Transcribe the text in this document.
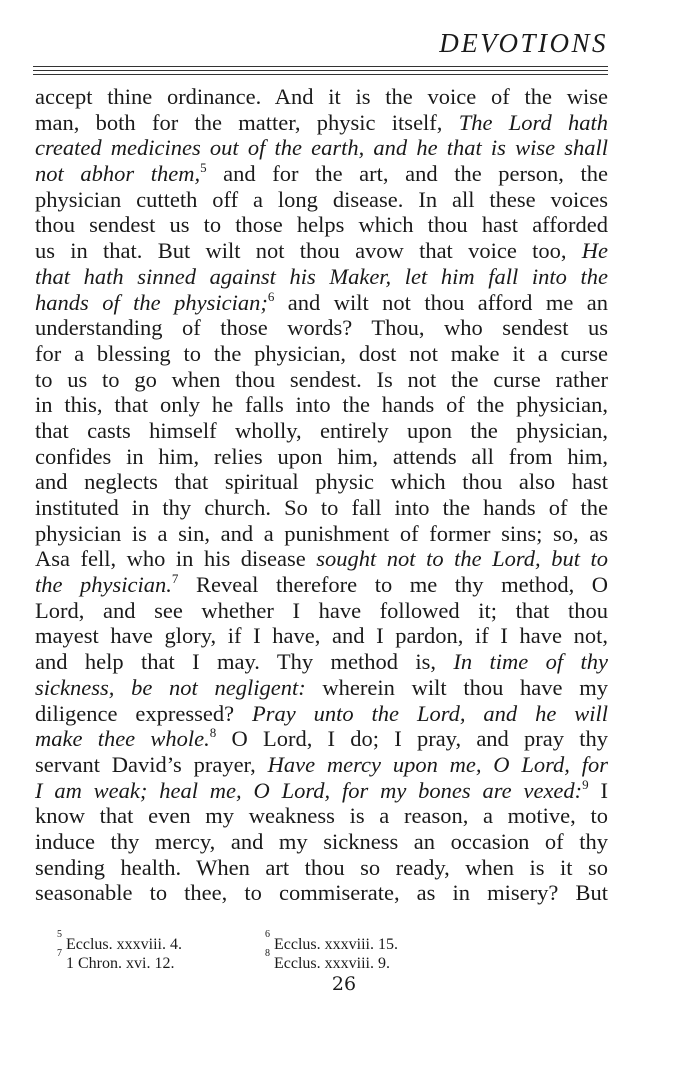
DEVOTIONS
accept thine ordinance. And it is the voice of the wise
man, both for the matter, physic itself, The Lord hath
created medicines out of the earth, and he that is wise shall
not abhor them,$^5$ and for the art, and the person, the
physician cutteth off a long disease. In all these voices
thou sendest us to those helps which thou hast afforded
us in that. But wilt not thou avow that voice too, He
that hath sinned against his Maker, let him fall into the
hands of the physician;$^6$ and wilt not thou afford me an
understanding of those words? Thou, who sendest us
for a blessing to the physician, dost not make it a curse
to us to go when thou sendest. Is not the curse rather
in this, that only he falls into the hands of the physician,
that casts himself wholly, entirely upon the physician,
confides in him, relies upon him, attends all from him,
and neglects that spiritual physic which thou also hast
instituted in thy church. So to fall into the hands of the
physician is a sin, and a punishment of former sins; so, as
Asa fell, who in his disease sought not to the Lord, but to
the physician.$^7$ Reveal therefore to me thy method, O
Lord, and see whether I have followed it; that thou
mayest have glory, if I have, and I pardon, if I have not,
and help that I may. Thy method is, In time of thy
sickness, be not negligent: wherein wilt thou have my
diligence expressed? Pray unto the Lord, and he will
make thee whole.$^8$ O Lord, I do; I pray, and pray thy
servant David’s prayer, Have mercy upon me, O Lord, for
I am weak; heal me, O Lord, for my bones are vexed:$^9$ I
know that even my weakness is a reason, a motive, to
induce thy mercy, and my sickness an occasion of thy
sending health. When art thou so ready, when is it so
seasonable to thee, to commiserate, as in misery? But
$^5$Ecclus. xxxviii. 4.
$^6$Ecclus. xxxviii. 15.
$^7$1 Chron. xvi. 12.
$^8$Ecclus. xxxviii. 9.
26
